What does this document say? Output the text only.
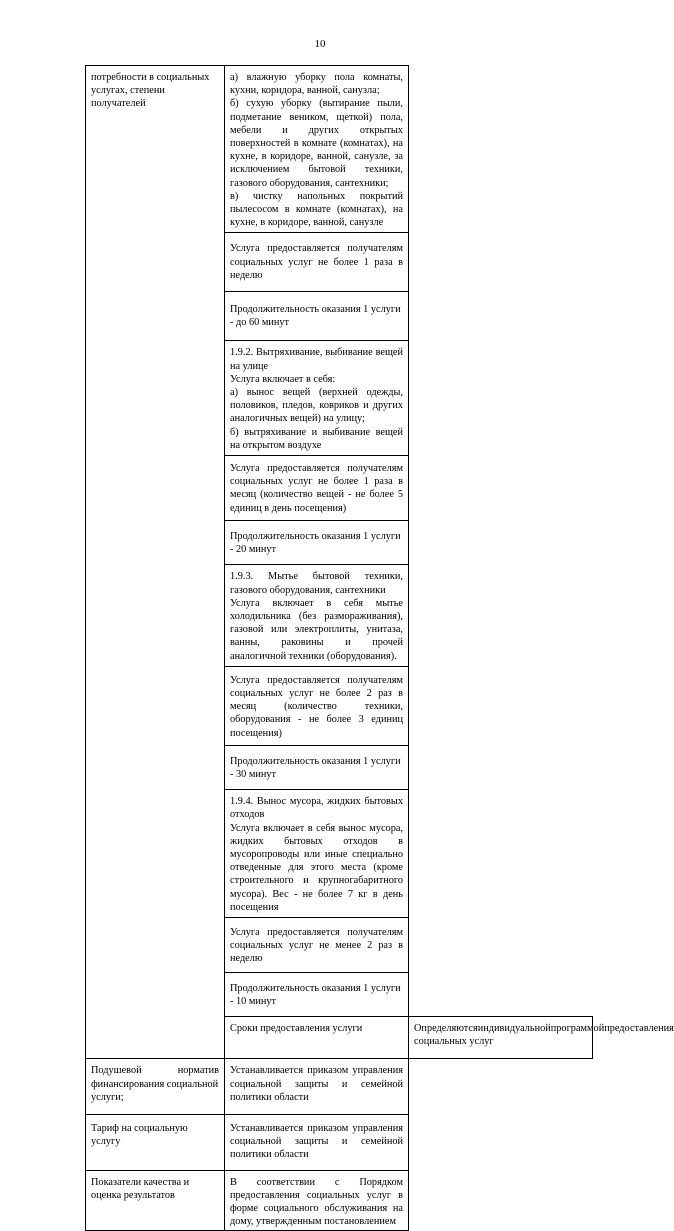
10
потребности в социальных услугах, степени получателей	а) влажную уборку пола комнаты, кухни, коридора, ванной, санузла;
б) сухую уборку (вытирание пыли, подметание веником, щеткой) пола, мебели и других открытых поверхностей в комнате (комнатах), на кухне, в коридоре, ванной, санузле, за исключением бытовой техники, газового оборудования, сантехники;
в) чистку напольных покрытий пылесосом в комнате (комнатах), на кухне, в коридоре, ванной, санузле	

	Услуга предоставляется получателям социальных услуг не более 1 раза в неделю	
	Продолжительность оказания 1 услуги - до 60 минут	

	1.9.2. Вытряхивание, выбивание вещей на улице
Услуга включает в себя:
а) вынос вещей (верхней одежды, половиков, пледов, ковриков и других аналогичных вещей) на улицу;
б) вытряхивание и выбивание вещей на открытом воздухе	

	Услуга предоставляется получателям социальных услуг не более 1 раза в месяц (количество вещей - не более 5 единиц в день посещения)	
	Продолжительность оказания 1 услуги - 20 минут	

	1.9.3. Мытье бытовой техники, газового оборудования, сантехники
Услуга включает в себя мытье холодильника (без размораживания), газовой или электроплиты, унитаза, ванны, раковины и прочей аналогичной техники (оборудования).	

	Услуга предоставляется получателям социальных услуг не более 2 раз в месяц (количество техники, оборудования - не более 3 единиц посещения)	
	Продолжительность оказания 1 услуги - 30 минут	

	1.9.4. Вынос мусора, жидких бытовых отходов
Услуга включает в себя вынос мусора, жидких бытовых отходов в мусоропроводы или иные специально отведенные для этого места (кроме строительного и крупногабаритного мусора). Вес - не более 7 кг в день посещения	

	Услуга предоставляется получателям социальных услуг не менее 2 раз в неделю	
	Продолжительность оказания 1 услуги - 10 минут	
	Сроки предоставления услуги	Определяются индивидуальной программой предоставления
социальных услуг

Подушевой норматив
финансирования социальной услуги;	Устанавливается приказом управления социальной защиты и семейной политики области	
Тариф на социальную услугу	Устанавливается приказом управления социальной защиты и семейной политики области	
Показатели качества и оценка результатов	В соответствии с Порядком предоставления социальных услуг в форме социального обслуживания на дому, утвержденным постановлением	
